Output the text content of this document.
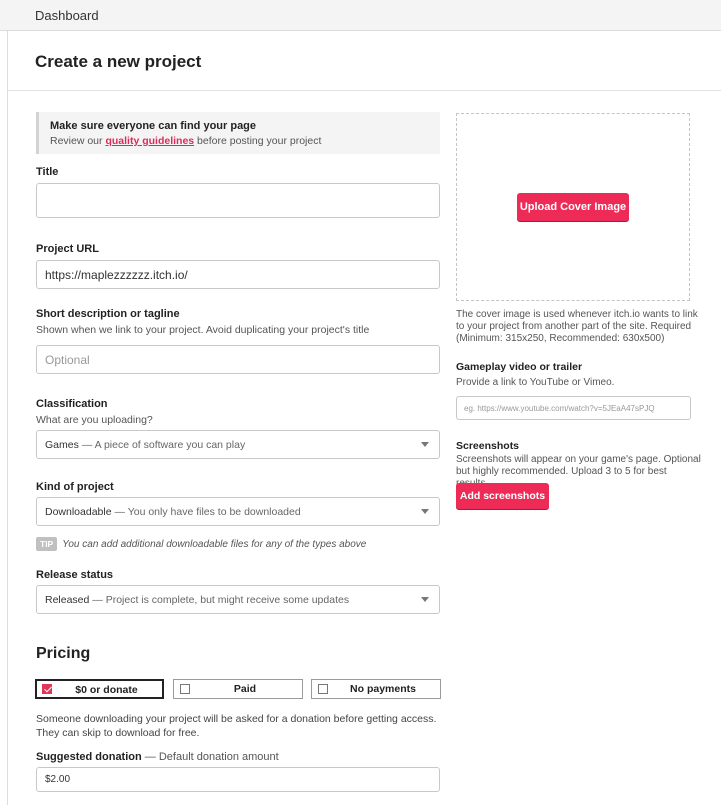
Dashboard
Create a new project
Make sure everyone can find your page
Review our quality guidelines before posting your project
Title
Project URL
https://maplezzzzzz.itch.io/
Short description or tagline
Shown when we link to your project. Avoid duplicating your project's title
Optional
Classification
What are you uploading?
Games — A piece of software you can play
Kind of project
Downloadable — You only have files to be downloaded
TIP You can add additional downloadable files for any of the types above
Release status
Released — Project is complete, but might receive some updates
Pricing
$0 or donate	Paid	No payments
Someone downloading your project will be asked for a donation before getting access. They can skip to download for free.
Suggested donation — Default donation amount
$2.00
Upload Cover Image
The cover image is used whenever itch.io wants to link to your project from another part of the site. Required (Minimum: 315x250, Recommended: 630x500)
Gameplay video or trailer
Provide a link to YouTube or Vimeo.
eg. https://www.youtube.com/watch?v=5JEaA47sPJQ
Screenshots
Screenshots will appear on your game's page. Optional but highly recommended. Upload 3 to 5 for best
Add screenshots
